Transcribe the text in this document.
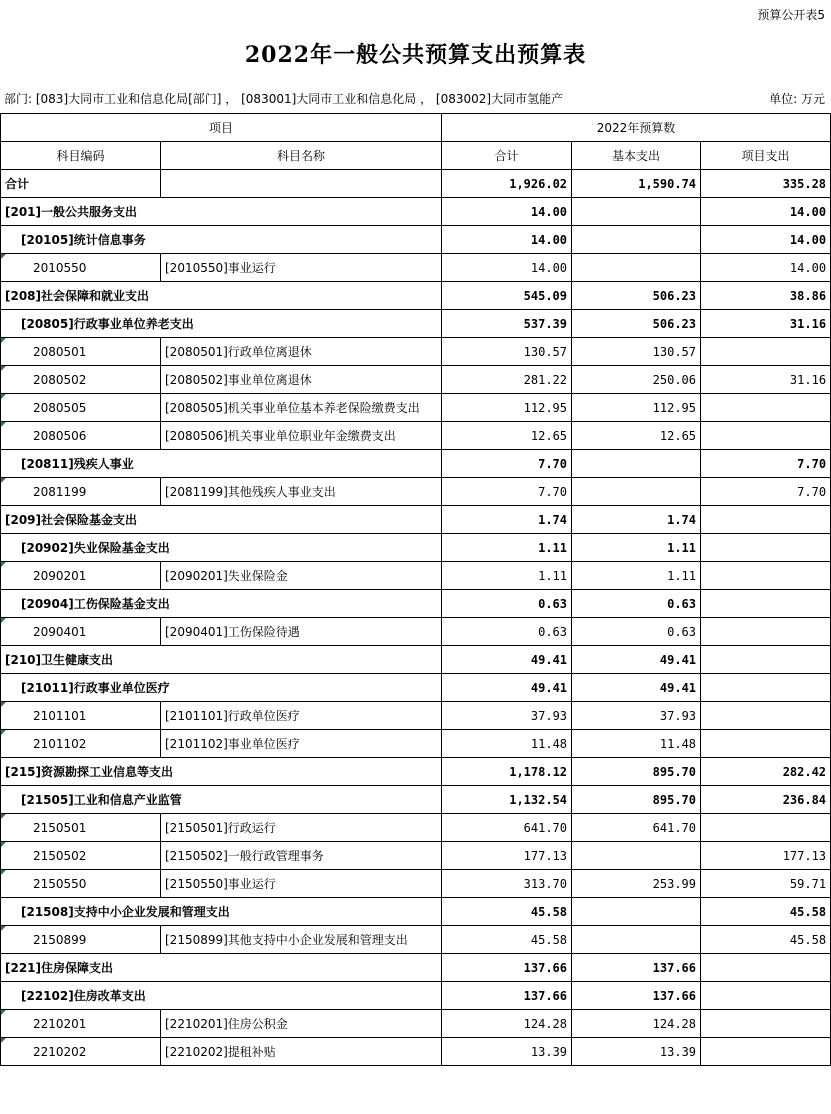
预算公开表5
2022年一般公共预算支出预算表
部门: [083]大同市工业和信息化局[部门] ， [083001]大同市工业和信息化局 ， [083002]大同市氢能产	单位: 万元
项目		2022年预算数		
科目编码	科目名称	合计	基本支出	项目支出
合计		1,926.02	1,590.74	335.28
[201]一般公共服务支出		14.00		14.00
[20105]统计信息事务		14.00		14.00
2010550	[2010550]事业运行	14.00		14.00
[208]社会保障和就业支出		545.09	506.23	38.86
[20805]行政事业单位养老支出		537.39	506.23	31.16
2080501	[2080501]行政单位离退休	130.57	130.57	
2080502	[2080502]事业单位离退休	281.22	250.06	31.16
2080505	[2080505]机关事业单位基本养老保险缴费支出	112.95	112.95	
2080506	[2080506]机关事业单位职业年金缴费支出	12.65	12.65	
[20811]残疾人事业		7.70		7.70
2081199	[2081199]其他残疾人事业支出	7.70		7.70
[209]社会保险基金支出		1.74	1.74	
[20902]失业保险基金支出		1.11	1.11	
2090201	[2090201]失业保险金	1.11	1.11	
[20904]工伤保险基金支出		0.63	0.63	
2090401	[2090401]工伤保险待遇	0.63	0.63	
[210]卫生健康支出		49.41	49.41	
[21011]行政事业单位医疗		49.41	49.41	
2101101	[2101101]行政单位医疗	37.93	37.93	
2101102	[2101102]事业单位医疗	11.48	11.48	
[215]资源勘探工业信息等支出		1,178.12	895.70	282.42
[21505]工业和信息产业监管		1,132.54	895.70	236.84
2150501	[2150501]行政运行	641.70	641.70	
2150502	[2150502]一般行政管理事务	177.13		177.13
2150550	[2150550]事业运行	313.70	253.99	59.71
[21508]支持中小企业发展和管理支出		45.58		45.58
2150899	[2150899]其他支持中小企业发展和管理支出	45.58		45.58
[221]住房保障支出		137.66	137.66	
[22102]住房改革支出		137.66	137.66	
2210201	[2210201]住房公积金	124.28	124.28	
2210202	[2210202]提租补贴	13.39	13.39	
